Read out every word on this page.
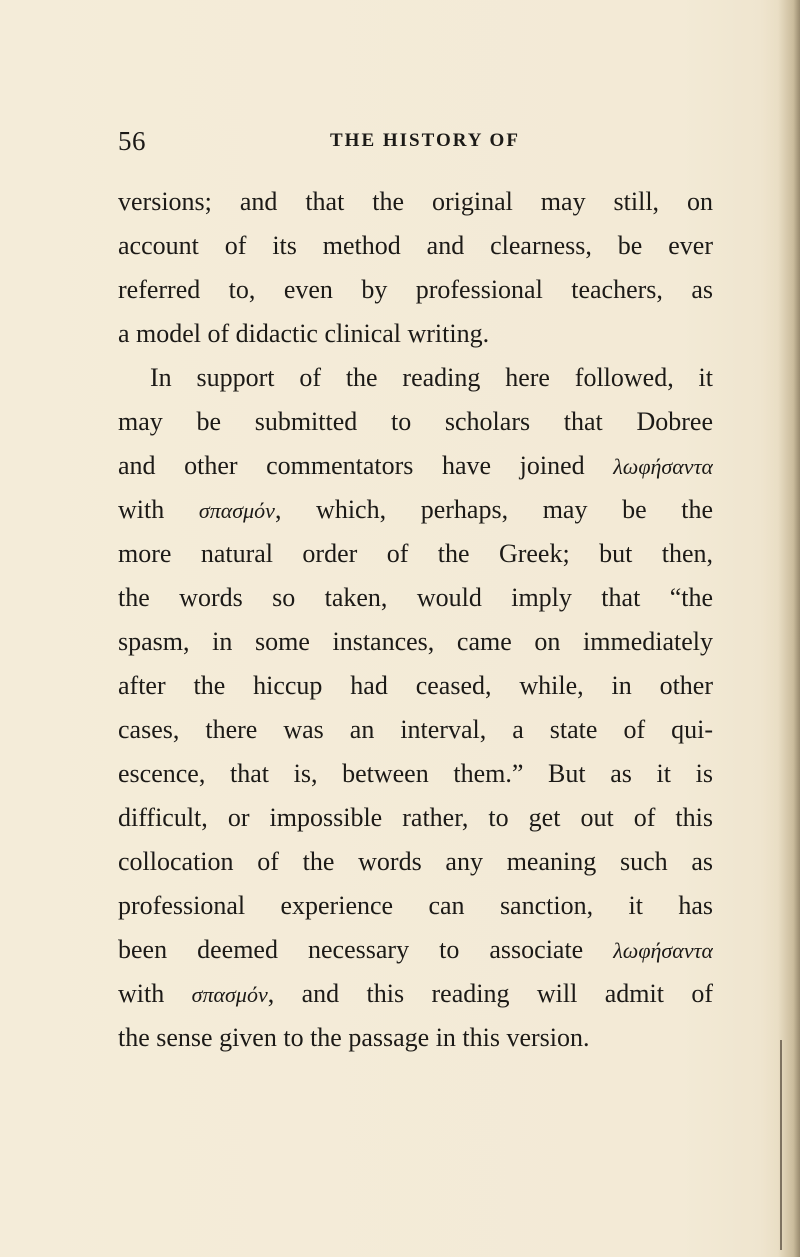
56	THE HISTORY OF
versions; and that the original may still, on
account of its method and clearness, be ever
referred to, even by professional teachers, as
a model of didactic clinical writing.
In support of the reading here followed, it
may be submitted to scholars that Dobree
and other commentators have joined λωφήσαντα
with σπασμόν, which, perhaps, may be the
more natural order of the Greek; but then,
the words so taken, would imply that “the
spasm, in some instances, came on immediately
after the hiccup had ceased, while, in other
cases, there was an interval, a state of qui-
escence, that is, between them.” But as it is
difficult, or impossible rather, to get out of this
collocation of the words any meaning such as
professional experience can sanction, it has
been deemed necessary to associate λωφήσαντα
with σπασμόν, and this reading will admit of
the sense given to the passage in this version.
